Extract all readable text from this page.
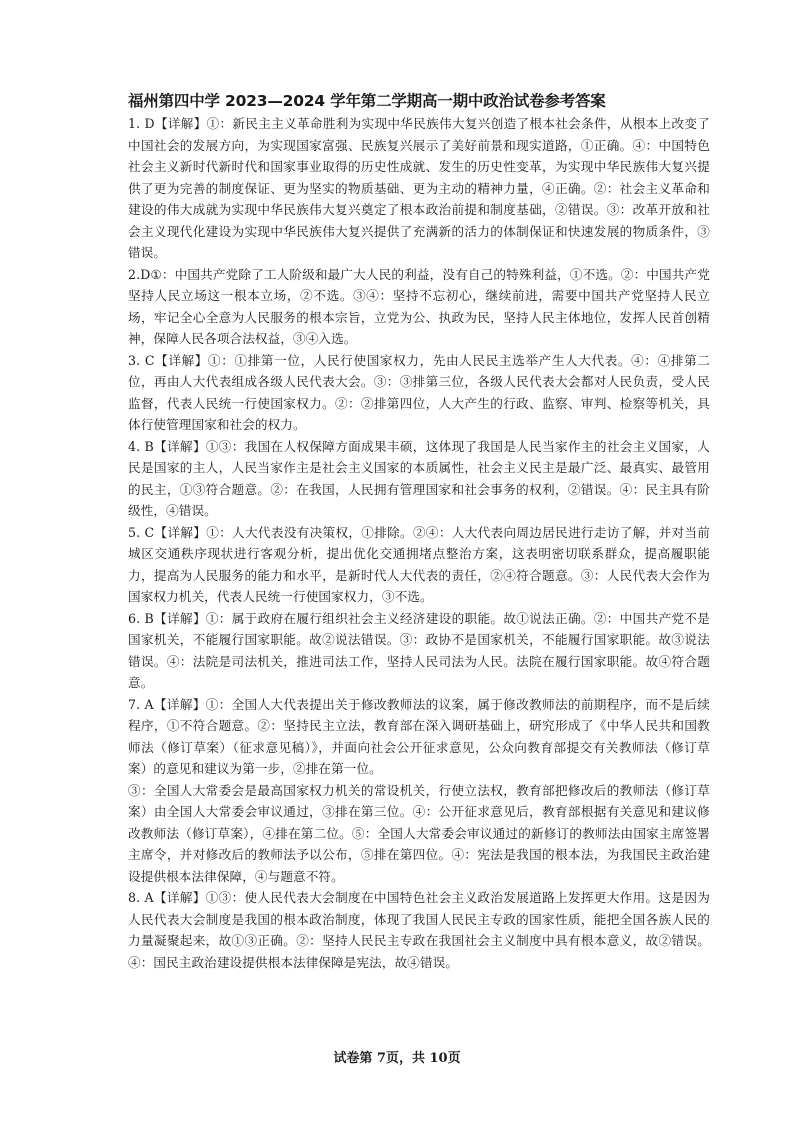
福州第四中学 2023—2024 学年第二学期高一期中政治试卷参考答案

1. D【详解】①：新民主主义革命胜利为实现中华民族伟大复兴创造了根本社会条件，从根本上改变了中国社会的发展方向，为实现国家富强、民族复兴展示了美好前景和现实道路，①正确。④：中国特色社会主义新时代新时代和国家事业取得的历史性成就、发生的历史性变革，为实现中华民族伟大复兴提供了更为完善的制度保证、更为坚实的物质基础、更为主动的精神力量，④正确。②：社会主义革命和建设的伟大成就为实现中华民族伟大复兴奠定了根本政治前提和制度基础，②错误。③：改革开放和社会主义现代化建设为实现中华民族伟大复兴提供了充满新的活力的体制保证和快速发展的物质条件，③错误。

2.D①：中国共产党除了工人阶级和最广大人民的利益，没有自己的特殊利益，①不选。②：中国共产党坚持人民立场这一根本立场，②不选。③④：坚持不忘初心，继续前进，需要中国共产党坚持人民立场，牢记全心全意为人民服务的根本宗旨，立党为公、执政为民，坚持人民主体地位，发挥人民首创精神，保障人民各项合法权益，③④入选。

3. C【详解】①：①排第一位，人民行使国家权力，先由人民民主选举产生人大代表。④：④排第二位，再由人大代表组成各级人民代表大会。③：③排第三位，各级人民代表大会都对人民负责，受人民监督，代表人民统一行使国家权力。②：②排第四位，人大产生的行政、监察、审判、检察等机关，具体行使管理国家和社会的权力。

4. B【详解】①③：我国在人权保障方面成果丰硕，这体现了我国是人民当家作主的社会主义国家，人民是国家的主人，人民当家作主是社会主义国家的本质属性，社会主义民主是最广泛、最真实、最管用的民主，①③符合题意。②：在我国，人民拥有管理国家和社会事务的权利，②错误。④：民主具有阶级性，④错误。

5. C【详解】①：人大代表没有决策权，①排除。②④：人大代表向周边居民进行走访了解，并对当前城区交通秩序现状进行客观分析，提出优化交通拥堵点整治方案，这表明密切联系群众，提高履职能力，提高为人民服务的能力和水平，是新时代人大代表的责任，②④符合题意。③：人民代表大会作为国家权力机关，代表人民统一行使国家权力，③不选。

6. B【详解】①：属于政府在履行组织社会主义经济建设的职能。故①说法正确。②：中国共产党不是国家机关，不能履行国家职能。故②说法错误。③：政协不是国家机关，不能履行国家职能。故③说法错误。④：法院是司法机关，推进司法工作，坚持人民司法为人民。法院在履行国家职能。故④符合题意。

7. A【详解】①：全国人大代表提出关于修改教师法的议案，属于修改教师法的前期程序，而不是后续程序，①不符合题意。②：坚持民主立法，教育部在深入调研基础上，研究形成了《中华人民共和国教师法（修订草案）（征求意见稿）》，并面向社会公开征求意见，公众向教育部提交有关教师法（修订草案）的意见和建议为第一步，②排在第一位。

③：全国人大常委会是最高国家权力机关的常设机关，行使立法权，教育部把修改后的教师法（修订草案）由全国人大常委会审议通过，③排在第三位。④：公开征求意见后，教育部根据有关意见和建议修改教师法（修订草案），④排在第二位。⑤：全国人大常委会审议通过的新修订的教师法由国家主席签署主席令，并对修改后的教师法予以公布，⑤排在第四位。④：宪法是我国的根本法，为我国民主政治建设提供根本法律保障，④与题意不符。

8. A【详解】①③：使人民代表大会制度在中国特色社会主义政治发展道路上发挥更大作用。这是因为人民代表大会制度是我国的根本政治制度，体现了我国人民民主专政的国家性质，能把全国各族人民的力量凝聚起来，故①③正确。②：坚持人民民主专政在我国社会主义制度中具有根本意义，故②错误。④：国民主政治建设提供根本法律保障是宪法，故④错误。

试卷第 7页，共 10页
